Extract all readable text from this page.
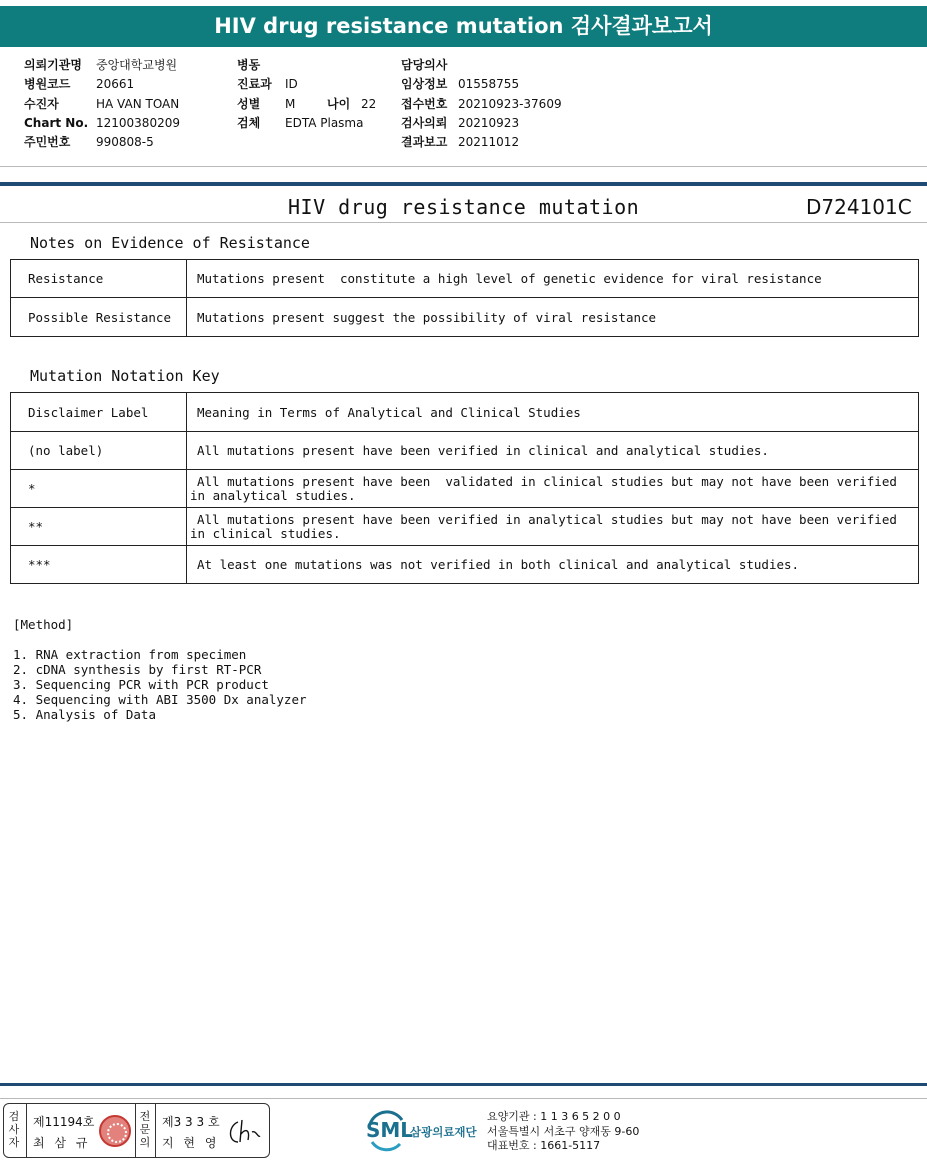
HIV drug resistance mutation 검사결과보고서
의뢰기관명 중앙대학교병원
병원코드 20661
수진자	HA VAN TOAN
Chart No. 12100380209
주민번호 990808-5
병동
진료과 ID
성별 M	나이 22
검체 EDTA Plasma
담당의사
임상정보 01558755
접수번호 20210923-37609
검사의뢰 20210923
결과보고 20211012
HIV drug resistance mutation	D724101C
Notes on Evidence of Resistance
Resistance	Mutations present  constitute a high level of genetic evidence for viral resistance
Possible Resistance	Mutations present suggest the possibility of viral resistance
Mutation Notation Key
Disclaimer Label	Meaning in Terms of Analytical and Clinical Studies
(no label)	All mutations present have been verified in clinical and analytical studies.
*	All mutations present have been  validated in clinical studies but may not have been verified
in analytical studies.

**	All mutations present have been verified in analytical studies but may not have been verified
in clinical studies.

***	At least one mutations was not verified in both clinical and analytical studies.
[Method]
1. RNA extraction from specimen
2. cDNA synthesis by first RT-PCR
3. Sequencing PCR with PCR product
4. Sequencing with ABI 3500 Dx analyzer
5. Analysis of Data
검사자
제11194호
최 삼 규
전문의
제3 3 3 호
지 현 영
SML
삼광의료재단
요양기관 : 1 1 3 6 5 2 0 0
서울특별시 서초구 양재동 9-60
대표번호 : 1661-5117
